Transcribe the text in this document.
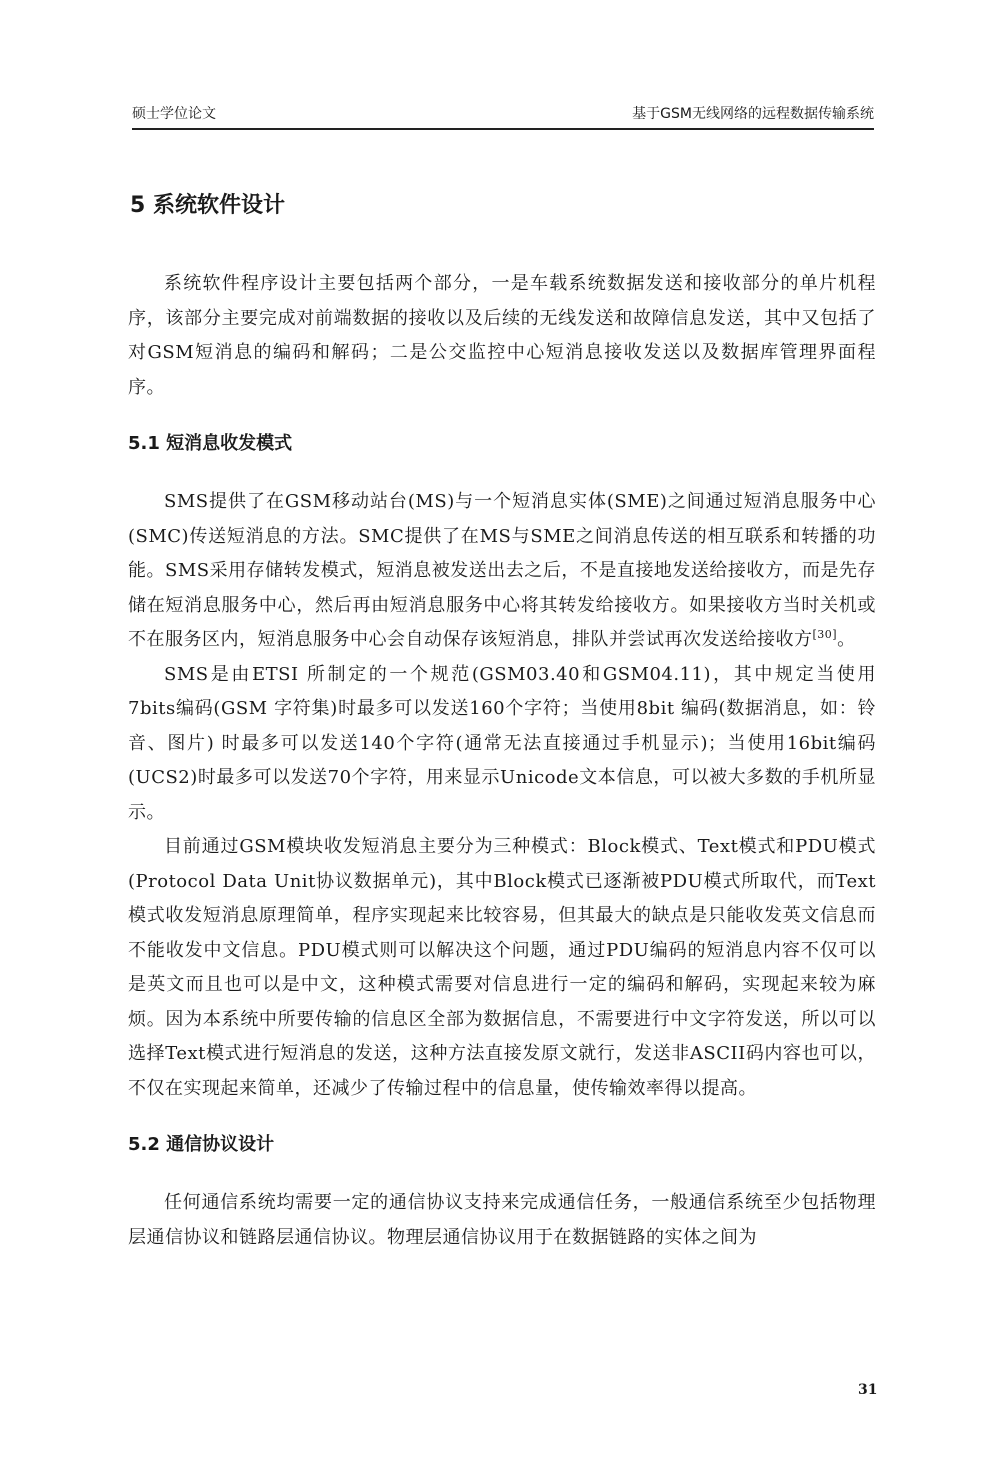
硕士学位论文	基于GSM无线网络的远程数据传输系统
5 系统软件设计

系统软件程序设计主要包括两个部分，一是车载系统数据发送和接收部分的单片机程序，该部分主要完成对前端数据的接收以及后续的无线发送和故障信息发送，其中又包括了对GSM短消息的编码和解码；二是公交监控中心短消息接收发送以及数据库管理界面程序。

5.1 短消息收发模式

SMS提供了在GSM移动站台(MS)与一个短消息实体(SME)之间通过短消息服务中心(SMC)传送短消息的方法。SMC提供了在MS与SME之间消息传送的相互联系和转播的功能。SMS采用存储转发模式，短消息被发送出去之后，不是直接地发送给接收方，而是先存储在短消息服务中心，然后再由短消息服务中心将其转发给接收方。如果接收方当时关机或不在服务区内，短消息服务中心会自动保存该短消息，排队并尝试再次发送给接收方[30]。

SMS是由ETSI 所制定的一个规范(GSM03.40和GSM04.11)，其中规定当使用7bits编码(GSM 字符集)时最多可以发送160个字符；当使用8bit 编码(数据消息，如：铃音、图片) 时最多可以发送140个字符(通常无法直接通过手机显示)；当使用16bit编码(UCS2)时最多可以发送70个字符，用来显示Unicode文本信息，可以被大多数的手机所显示。

目前通过GSM模块收发短消息主要分为三种模式：Block模式、Text模式和PDU模式(Protocol Data Unit协议数据单元)，其中Block模式已逐渐被PDU模式所取代，而Text模式收发短消息原理简单，程序实现起来比较容易，但其最大的缺点是只能收发英文信息而不能收发中文信息。PDU模式则可以解决这个问题，通过PDU编码的短消息内容不仅可以是英文而且也可以是中文，这种模式需要对信息进行一定的编码和解码，实现起来较为麻烦。因为本系统中所要传输的信息区全部为数据信息，不需要进行中文字符发送，所以可以选择Text模式进行短消息的发送，这种方法直接发原文就行，发送非ASCII码内容也可以，不仅在实现起来简单，还减少了传输过程中的信息量，使传输效率得以提高。

5.2 通信协议设计

任何通信系统均需要一定的通信协议支持来完成通信任务，一般通信系统至少包括物理层通信协议和链路层通信协议。物理层通信协议用于在数据链路的实体之间为

31
